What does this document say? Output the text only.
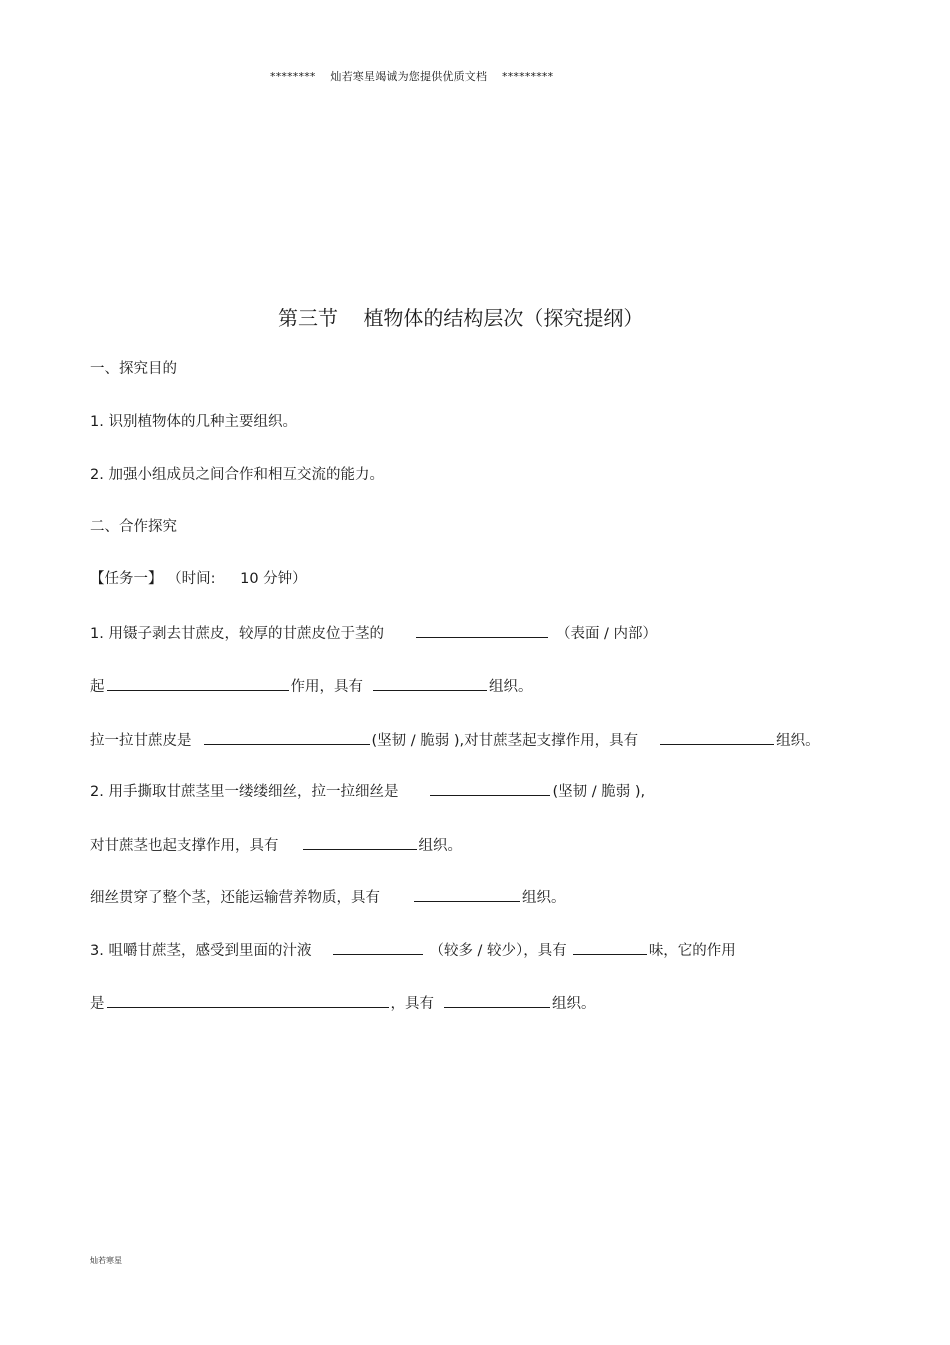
******** 灿若寒星竭诚为您提供优质文档 *********
第三节 植物体的结构层次（探究提纲）
一、探究目的
1. 识别植物体的几种主要组织。
2. 加强小组成员之间合作和相互交流的能力。
二、合作探究
【任务一】 （时间: 10 分钟）
1. 用镊子剥去甘蔗皮，较厚的甘蔗皮位于茎的	（表面 / 内部）
起	作用，具有	组织。
拉一拉甘蔗皮是	(坚韧 / 脆弱 ),对甘蔗茎起支撑作用，具有	组织。
2. 用手撕取甘蔗茎里一缕缕细丝，拉一拉细丝是	(坚韧 / 脆弱 ),
对甘蔗茎也起支撑作用，具有	组织。
细丝贯穿了整个茎，还能运输营养物质，具有	组织。
3. 咀嚼甘蔗茎，感受到里面的汁液	（较多 / 较少），具有	味，它的作用
是	，具有	组织。
灿若寒星
